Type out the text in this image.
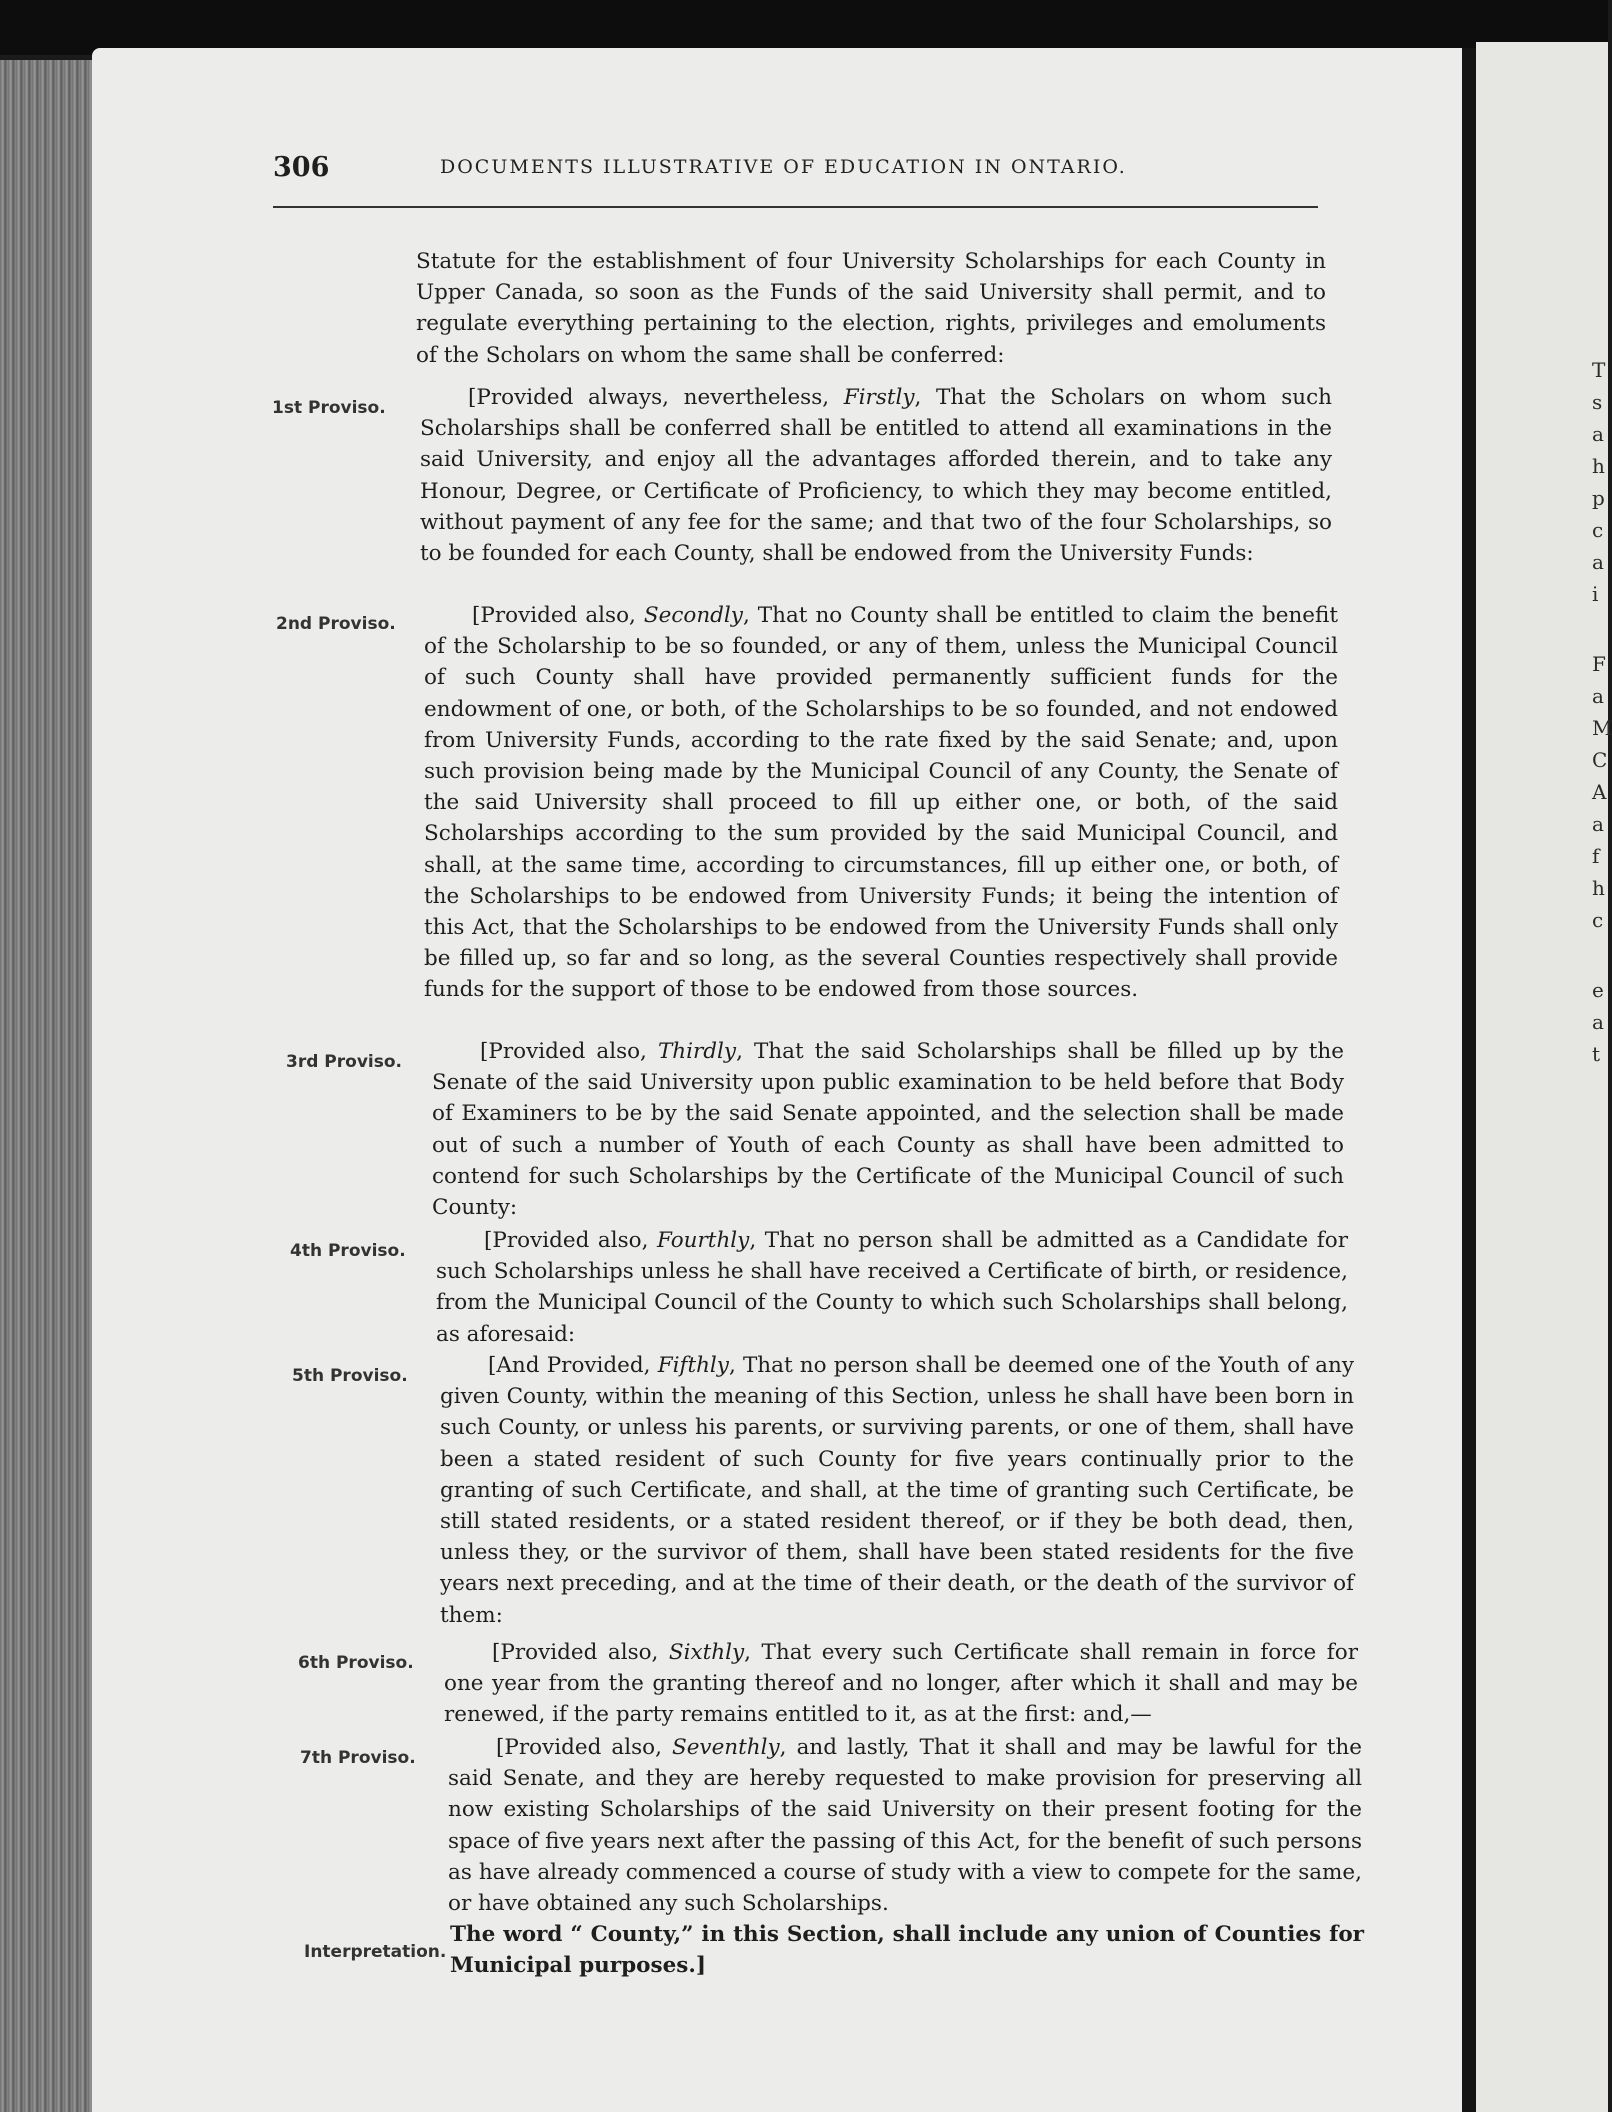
T
s
a
h
p
c
a
i
F
a
M
C
A
a
f
h
c
e
a
t
306	DOCUMENTS ILLUSTRATIVE OF EDUCATION IN ONTARIO.

Statute for the establishment of four University Scholarships for each County in Upper Canada, so soon as the Funds of the said University shall permit, and to regulate everything pertaining to the election, rights, privileges and emoluments of the Scholars on whom the same shall be conferred:

1st Proviso.	[Provided always, nevertheless, Firstly, That the Scholars on whom such Scholarships shall be conferred shall be entitled to attend all examinations in the said University, and enjoy all the advantages afforded therein, and to take any Honour, Degree, or Certificate of Proficiency, to which they may become entitled, without payment of any fee for the same; and that two of the four Scholarships, so to be founded for each County, shall be endowed from the University Funds:

2nd Proviso.	[Provided also, Secondly, That no County shall be entitled to claim the benefit of the Scholarship to be so founded, or any of them, unless the Municipal Council of such County shall have provided permanently sufficient funds for the endowment of one, or both, of the Scholarships to be so founded, and not endowed from University Funds, according to the rate fixed by the said Senate; and, upon such provision being made by the Municipal Council of any County, the Senate of the said University shall proceed to fill up either one, or both, of the said Scholarships according to the sum provided by the said Municipal Council, and shall, at the same time, according to circumstances, fill up either one, or both, of the Scholarships to be endowed from University Funds; it being the intention of this Act, that the Scholarships to be endowed from the University Funds shall only be filled up, so far and so long, as the several Counties respectively shall provide funds for the support of those to be endowed from those sources.

3rd Proviso.	[Provided also, Thirdly, That the said Scholarships shall be filled up by the Senate of the said University upon public examination to be held before that Body of Examiners to be by the said Senate appointed, and the selection shall be made out of such a number of Youth of each County as shall have been admitted to contend for such Scholarships by the Certificate of the Municipal Council of such County:

4th Proviso.	[Provided also, Fourthly, That no person shall be admitted as a Candidate for such Scholarships unless he shall have received a Certificate of birth, or residence, from the Municipal Council of the County to which such Scholarships shall belong, as aforesaid:

5th Proviso.	[And Provided, Fifthly, That no person shall be deemed one of the Youth of any given County, within the meaning of this Section, unless he shall have been born in such County, or unless his parents, or surviving parents, or one of them, shall have been a stated resident of such County for five years continually prior to the granting of such Certificate, and shall, at the time of granting such Certificate, be still stated residents, or a stated resident thereof, or if they be both dead, then, unless they, or the survivor of them, shall have been stated residents for the five years next preceding, and at the time of their death, or the death of the survivor of them:

6th Proviso.	[Provided also, Sixthly, That every such Certificate shall remain in force for one year from the granting thereof and no longer, after which it shall and may be renewed, if the party remains entitled to it, as at the first: and,—

7th Proviso.	[Provided also, Seventhly, and lastly, That it shall and may be lawful for the said Senate, and they are hereby requested to make provision for preserving all now existing Scholarships of the said University on their present footing for the space of five years next after the passing of this Act, for the benefit of such persons as have already commenced a course of study with a view to compete for the same, or have obtained any such Scholarships.

Interpretation.

The word “ County,” in this Section, shall include any union of Counties for Municipal purposes.]
